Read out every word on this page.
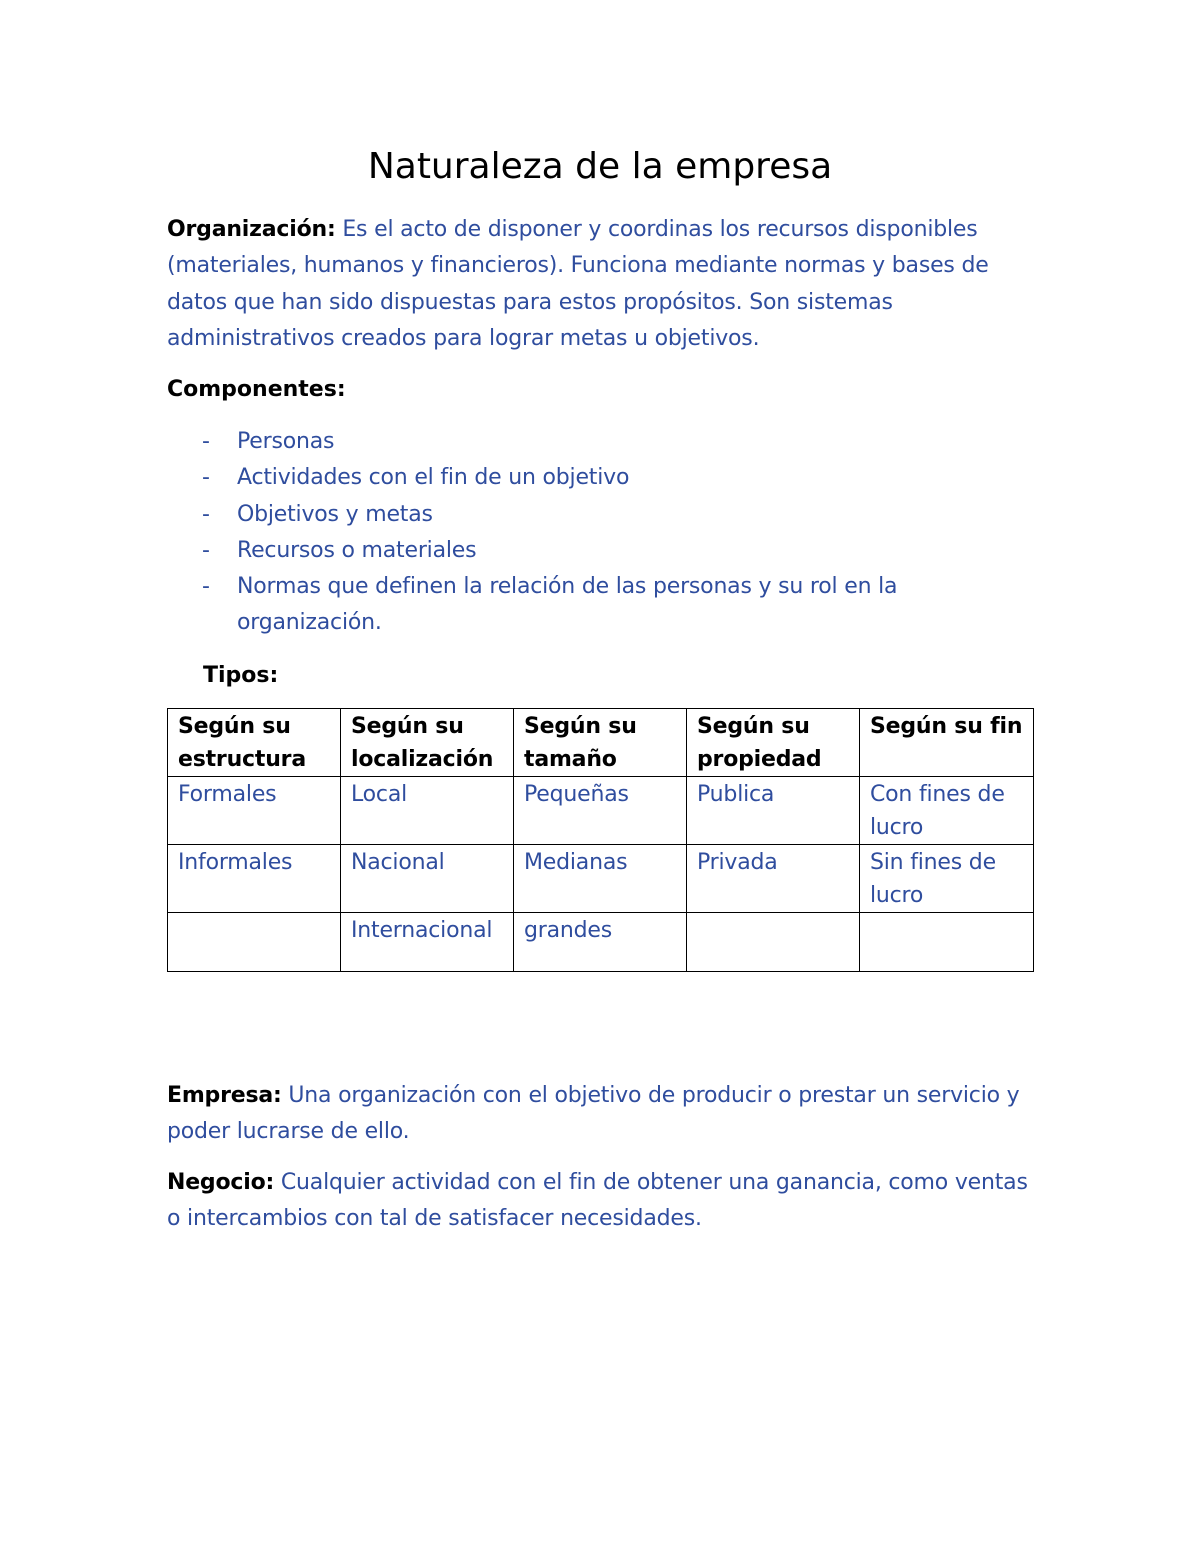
Naturaleza de la empresa

Organización: Es el acto de disponer y coordinas los recursos disponibles (materiales, humanos y financieros). Funciona mediante normas y bases de datos que han sido dispuestas para estos propósitos. Son sistemas administrativos creados para lograr metas u objetivos.

Componentes:

- Personas
- Actividades con el fin de un objetivo
- Objetivos y metas
- Recursos o materiales
- Normas que definen la relación de las personas y su rol en la organización.

Tipos:

Según su estructura	Según su localización	Según su tamaño	Según su propiedad	Según su fin
Formales	Local	Pequeñas	Publica	Con fines de lucro
Informales	Nacional	Medianas	Privada	Sin fines de lucro
	Internacional	grandes		

Empresa: Una organización con el objetivo de producir o prestar un servicio y poder lucrarse de ello.

Negocio: Cualquier actividad con el fin de obtener una ganancia, como ventas o intercambios con tal de satisfacer necesidades.
